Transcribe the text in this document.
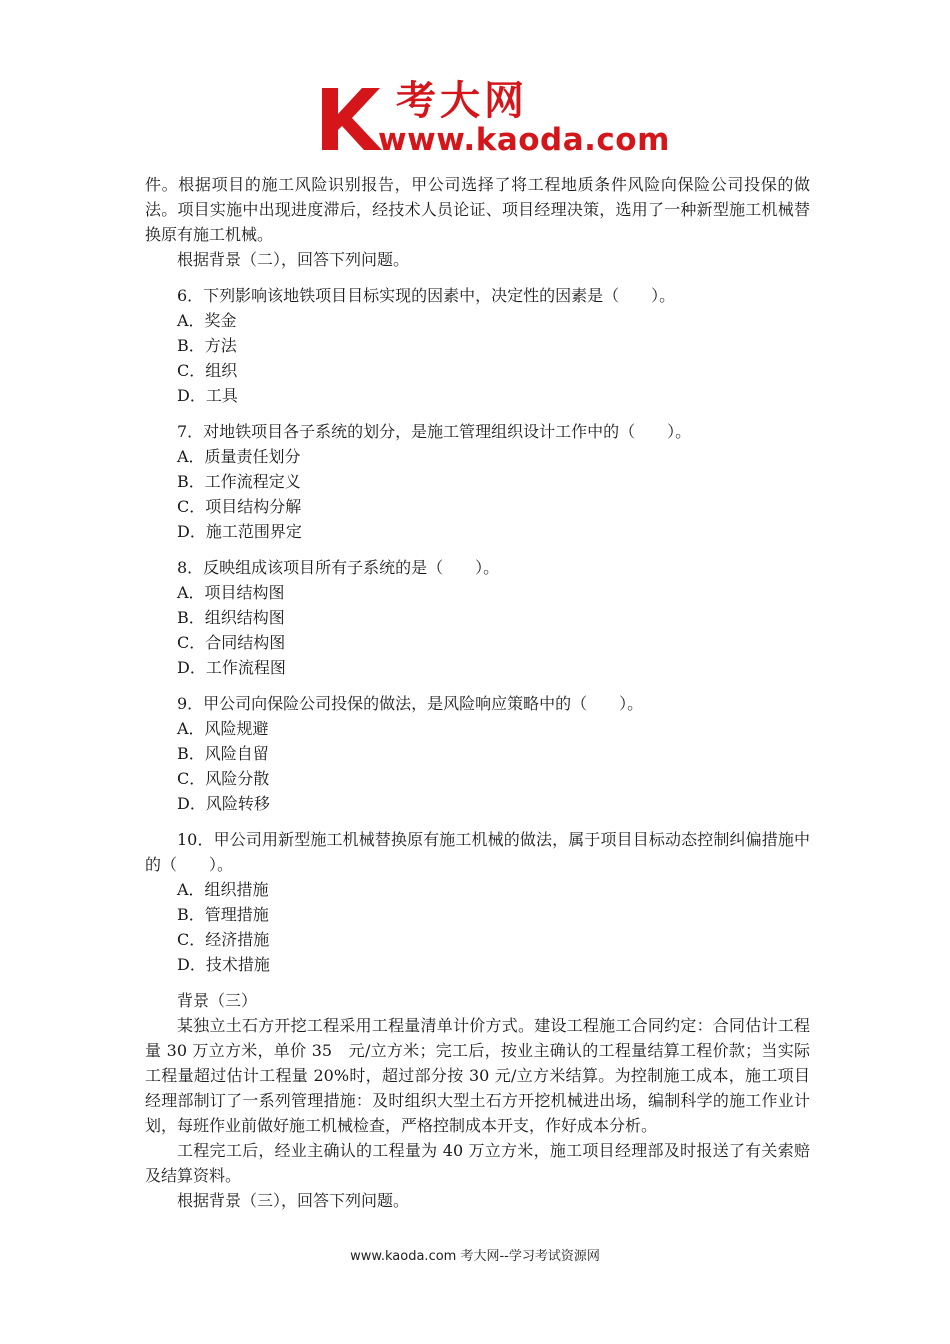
考大网
www.kaoda.com

件。根据项目的施工风险识别报告，甲公司选择了将工程地质条件风险向保险公司投保的做法。项目实施中出现进度滞后，经技术人员论证、项目经理决策，选用了一种新型施工机械替换原有施工机械。

根据背景（二），回答下列问题。

6．下列影响该地铁项目目标实现的因素中，决定性的因素是（　　）。

A．奖金

B．方法

C．组织

D．工具

7．对地铁项目各子系统的划分，是施工管理组织设计工作中的（　　）。

A．质量责任划分

B．工作流程定义

C．项目结构分解

D．施工范围界定

8．反映组成该项目所有子系统的是（　　）。

A．项目结构图

B．组织结构图

C．合同结构图

D．工作流程图

9．甲公司向保险公司投保的做法，是风险响应策略中的（　　）。

A．风险规避

B．风险自留

C．风险分散

D．风险转移

10．甲公司用新型施工机械替换原有施工机械的做法，属于项目目标动态控制纠偏措施中的（　　）。

A．组织措施

B．管理措施

C．经济措施

D．技术措施

背景（三）

某独立土石方开挖工程采用工程量清单计价方式。建设工程施工合同约定：合同估计工程量 30 万立方米，单价 35　元/立方米；完工后，按业主确认的工程量结算工程价款；当实际工程量超过估计工程量 20%时，超过部分按 30 元/立方米结算。为控制施工成本，施工项目经理部制订了一系列管理措施：及时组织大型土石方开挖机械进出场，编制科学的施工作业计划，每班作业前做好施工机械检查，严格控制成本开支，作好成本分析。

工程完工后，经业主确认的工程量为 40 万立方米，施工项目经理部及时报送了有关索赔及结算资料。

根据背景（三），回答下列问题。

www.kaoda.com 考大网--学习考试资源网
